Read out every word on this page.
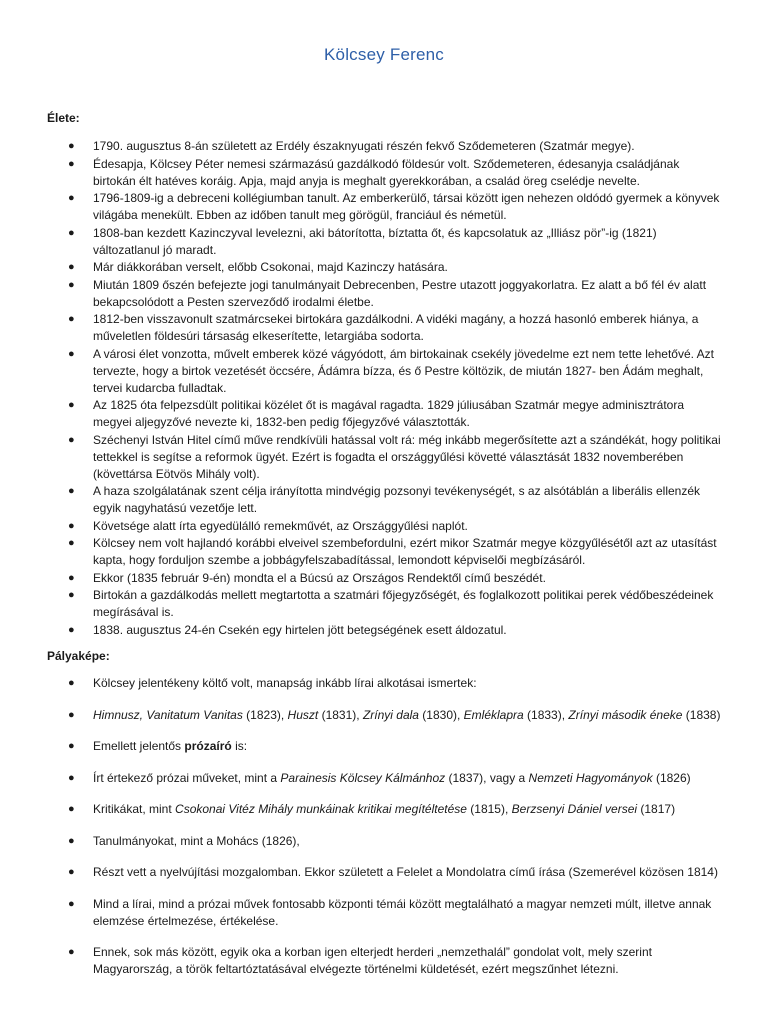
Kölcsey Ferenc
Élete:
● 1790. augusztus 8-án született az Erdély északnyugati részén fekvő Sződemeteren (Szatmár megye).
● Édesapja, Kölcsey Péter nemesi származású gazdálkodó földesúr volt. Sződemeteren, édesanyja családjának birtokán élt hatéves koráig. Apja, majd anyja is meghalt gyerekkorában, a család öreg cselédje nevelte.
● 1796-1809-ig a debreceni kollégiumban tanult. Az emberkerülő, társai között igen nehezen oldódó gyermek a könyvek világába menekült. Ebben az időben tanult meg görögül, franciául és németül.
● 1808-ban kezdett Kazinczyval levelezni, aki bátorította, bíztatta őt, és kapcsolatuk az „Illiász pör”-ig (1821) változatlanul jó maradt.
● Már diákkorában verselt, előbb Csokonai, majd Kazinczy hatására.
● Miután 1809 őszén befejezte jogi tanulmányait Debrecenben, Pestre utazott joggyakorlatra. Ez alatt a bő fél év alatt bekapcsolódott a Pesten szerveződő irodalmi életbe.
● 1812-ben visszavonult szatmárcsekei birtokára gazdálkodni. A vidéki magány, a hozzá hasonló emberek hiánya, a műveletlen földesúri társaság elkeserítette, letargiába sodorta.
● A városi élet vonzotta, művelt emberek közé vágyódott, ám birtokainak csekély jövedelme ezt nem tette lehetővé. Azt tervezte, hogy a birtok vezetését öccsére, Ádámra bízza, és ő Pestre költözik, de miután 1827- ben Ádám meghalt, tervei kudarcba fulladtak.
● Az 1825 óta felpezsdült politikai közélet őt is magával ragadta. 1829 júliusában Szatmár megye adminisztrátora megyei aljegyzővé nevezte ki, 1832-ben pedig főjegyzővé választották.
● Széchenyi István Hitel című műve rendkívüli hatással volt rá: még inkább megerősítette azt a szándékát, hogy politikai tettekkel is segítse a reformok ügyét. Ezért is fogadta el országgyűlési követté választását 1832 novemberében (követtársa Eötvös Mihály volt).
● A haza szolgálatának szent célja irányította mindvégig pozsonyi tevékenységét, s az alsótáblán a liberális ellenzék egyik nagyhatású vezetője lett.
● Követsége alatt írta egyedülálló remekművét, az Országgyűlési naplót.
● Kölcsey nem volt hajlandó korábbi elveivel szembefordulni, ezért mikor Szatmár megye közgyűlésétől azt az utasítást kapta, hogy forduljon szembe a jobbágyfelszabadítással, lemondott képviselői megbízásáról.
● Ekkor (1835 február 9-én) mondta el a Búcsú az Országos Rendektől című beszédét.
● Birtokán a gazdálkodás mellett megtartotta a szatmári főjegyzőségét, és foglalkozott politikai perek védőbeszédeinek megírásával is.
● 1838. augusztus 24-én Csekén egy hirtelen jött betegségének esett áldozatul.
Pályaképe:
● Kölcsey jelentékeny költő volt, manapság inkább lírai alkotásai ismertek:
● Himnusz, Vanitatum Vanitas (1823), Huszt (1831), Zrínyi dala (1830), Emléklapra (1833), Zrínyi második éneke (1838)
● Emellett jelentős prózaíró is:
● Írt értekező prózai műveket, mint a Parainesis Kölcsey Kálmánhoz (1837), vagy a Nemzeti Hagyományok (1826)
● Kritikákat, mint Csokonai Vitéz Mihály munkáinak kritikai megítéltetése (1815), Berzsenyi Dániel versei (1817)
● Tanulmányokat, mint a Mohács (1826),
● Részt vett a nyelvújítási mozgalomban. Ekkor született a Felelet a Mondolatra című írása (Szemerével közösen 1814)
● Mind a lírai, mind a prózai művek fontosabb központi témái között megtalálható a magyar nemzeti múlt, illetve annak elemzése értelmezése, értékelése.
● Ennek, sok más között, egyik oka a korban igen elterjedt herderi „nemzethalál” gondolat volt, mely szerint Magyarország, a török feltartóztatásával elvégezte történelmi küldetését, ezért megszűnhet létezni.
